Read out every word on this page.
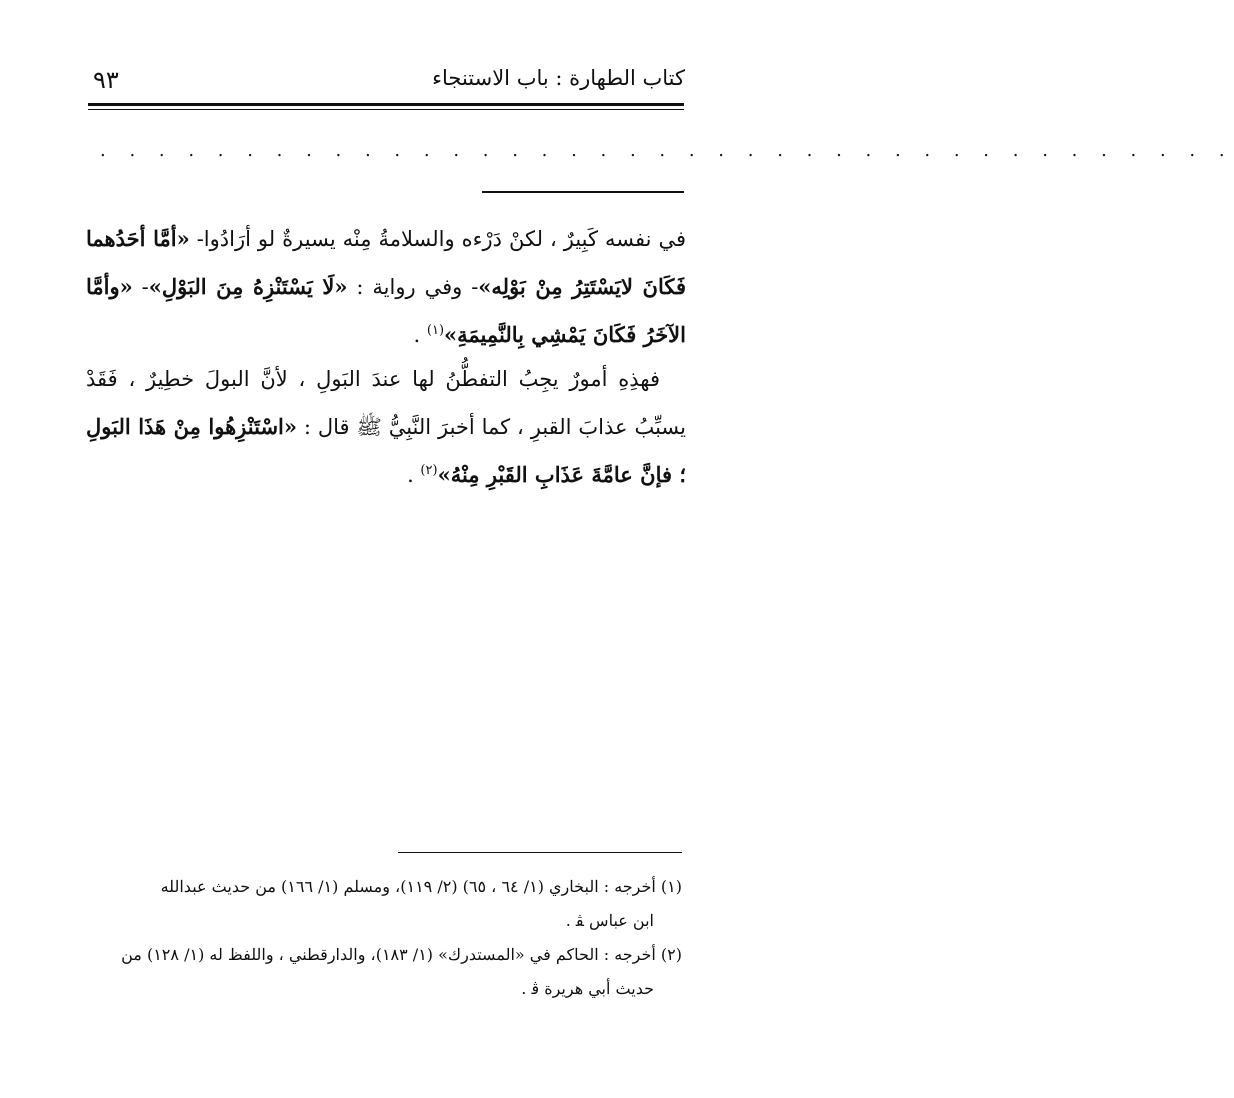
كتاب الطهارة : باب الاستنجاء
٩٣
. . . . . . . . . . . . . . . . . . . . . . . . . . . . . . . . . . . . . . .
في نفسه كَبِيرٌ ، لكنْ دَرْءه والسلامةُ مِنْه يسيرةٌ لو أرَادُوا- «أمَّا أحَدُهما فَكَانَ لايَسْتَتِرُ مِنْ بَوْلِه»- وفي رواية : «لَا يَسْتَنْزِهُ مِنَ البَوْلِ»- «وأمَّا الآخَرُ فَكَانَ يَمْشِي بِالنَّمِيمَةِ»$^{(١)}$ .
فهذِهِ أمورٌ يجِبُ التفطُّنُ لها عندَ البَولِ ، لأنَّ البولَ خطِيرٌ ، فَقَدْ يسبِّبُ عذابَ القبرِ ، كما أخبرَ النَّبِيُّ ﷺ قال : «اسْتَنْزِهُوا مِنْ هَذَا البَولِ ؛ فإنَّ عامَّةَ عَذَابِ القَبْرِ مِنْهُ»$^{(٢)}$ .
(١) أخرجه : البخاري (١/ ٦٤ ، ٦٥) (٢/ ١١٩)، ومسلم (١/ ١٦٦) من حديث عبدالله
ابن عباس ﭭ .
(٢) أخرجه : الحاكم في «المستدرك» (١/ ١٨٣)، والدارقطني ، واللفظ له (١/ ١٢٨) من
حديث أبي هريرة ﭬ .
